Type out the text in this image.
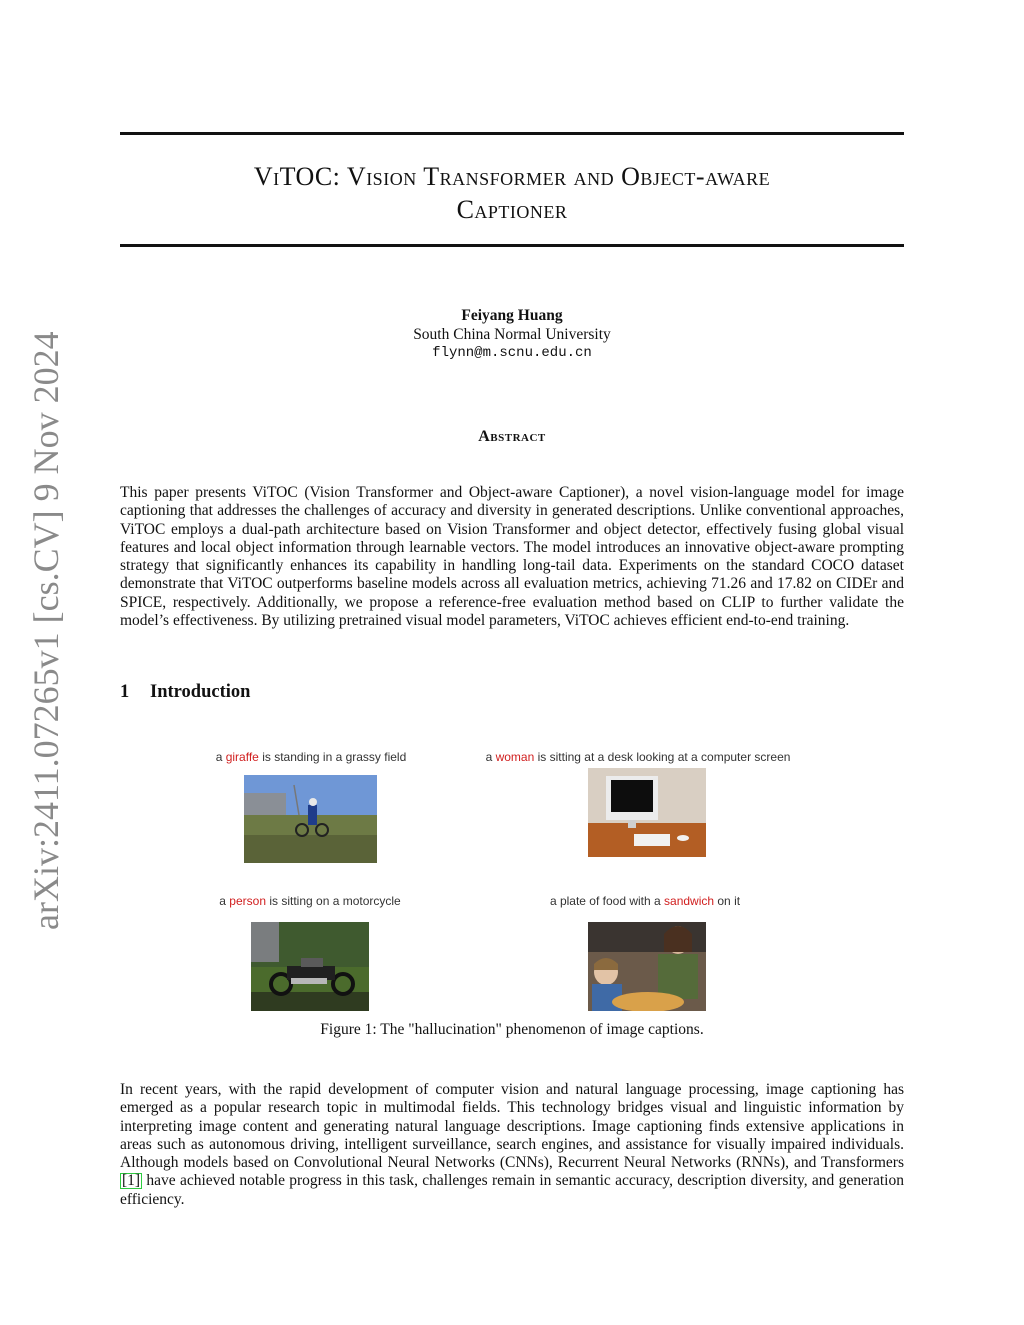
arXiv:2411.07265v1 [cs.CV] 9 Nov 2024
ViTOC: Vision Transformer and Object-aware
Captioner
Feiyang Huang
South China Normal University
flynn@m.scnu.edu.cn
Abstract

This paper presents ViTOC (Vision Transformer and Object-aware Captioner), a novel vision-language model for image captioning that addresses the challenges of accuracy and diversity in generated descriptions. Unlike conventional approaches, ViTOC employs a dual-path architecture based on Vision Transformer and object detector, effectively fusing global visual features and local object information through learnable vectors. The model introduces an innovative object-aware prompting strategy that significantly enhances its capability in handling long-tail data. Experiments on the standard COCO dataset demonstrate that ViTOC outperforms baseline models across all evaluation metrics, achieving 71.26 and 17.82 on CIDEr and SPICE, respectively. Additionally, we propose a reference-free evaluation method based on CLIP to further validate the model’s effectiveness. By utilizing pretrained visual model parameters, ViTOC achieves efficient end-to-end training.

1 Introduction
a giraffe is standing in a grassy field	a woman is sitting at a desk looking at a computer screen
a person is sitting on a motorcycle	a plate of food with a sandwich on it
Figure 1: The "hallucination" phenomenon of image captions.

In recent years, with the rapid development of computer vision and natural language processing, image captioning has emerged as a popular research topic in multimodal fields. This technology bridges visual and linguistic information by interpreting image content and generating natural language descriptions. Image captioning finds extensive applications in areas such as autonomous driving, intelligent surveillance, search engines, and assistance for visually impaired individuals. Although models based on Convolutional Neural Networks (CNNs), Recurrent Neural Networks (RNNs), and Transformers [1] have achieved notable progress in this task, challenges remain in semantic accuracy, description diversity, and generation efficiency.
